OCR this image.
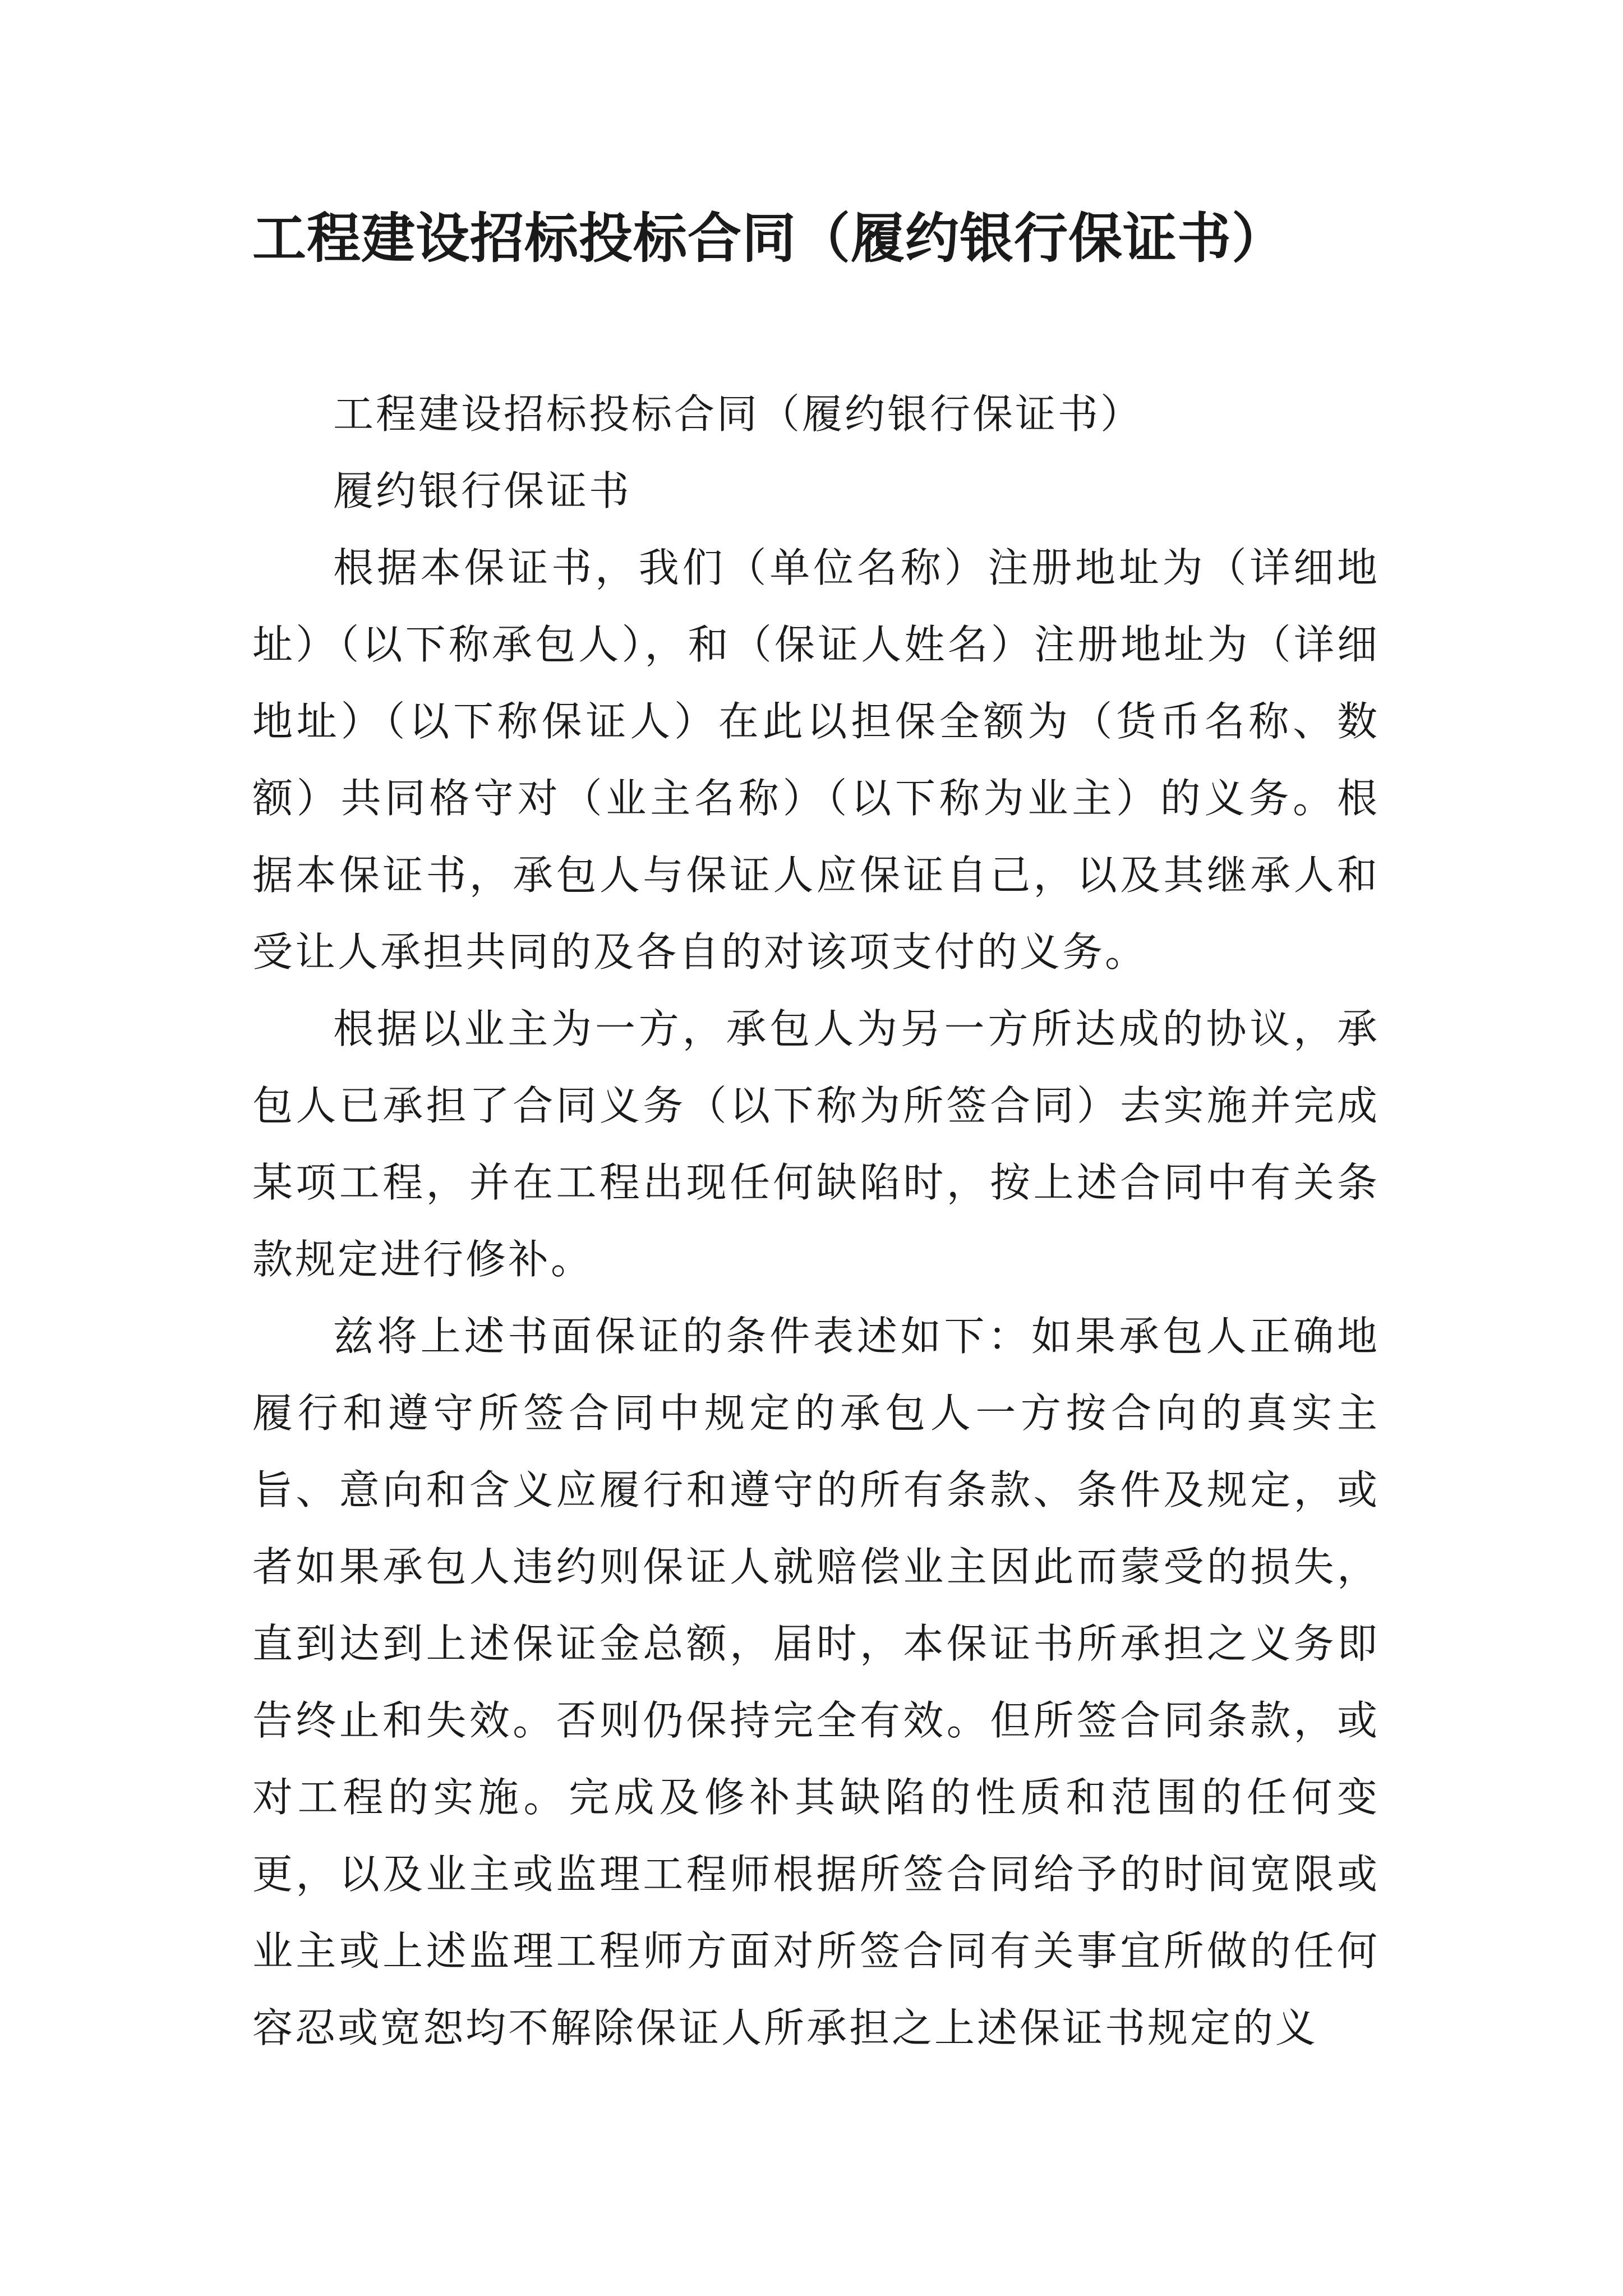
工程建设招标投标合同（履约银行保证书）

工程建设招标投标合同（履约银行保证书）

履约银行保证书

根据本保证书，我们（单位名称）注册地址为（详细地址）（以下称承包人），和（保证人姓名）注册地址为（详细地址）（以下称保证人）在此以担保全额为（货币名称、数额）共同格守对（业主名称）（以下称为业主）的义务。根据本保证书，承包人与保证人应保证自己，以及其继承人和受让人承担共同的及各自的对该项支付的义务。

根据以业主为一方，承包人为另一方所达成的协议，承包人已承担了合同义务（以下称为所签合同）去实施并完成某项工程，并在工程出现任何缺陷时，按上述合同中有关条款规定进行修补。

兹将上述书面保证的条件表述如下：如果承包人正确地履行和遵守所签合同中规定的承包人一方按合向的真实主旨、意向和含义应履行和遵守的所有条款、条件及规定，或者如果承包人违约则保证人就赔偿业主因此而蒙受的损失，直到达到上述保证金总额，届时，本保证书所承担之义务即告终止和失效。否则仍保持完全有效。但所签合同条款，或对工程的实施。完成及修补其缺陷的性质和范围的任何变更，以及业主或监理工程师根据所签合同给予的时间宽限或业主或上述监理工程师方面对所签合同有关事宜所做的任何容忍或宽恕均不解除保证人所承担之上述保证书规定的义
